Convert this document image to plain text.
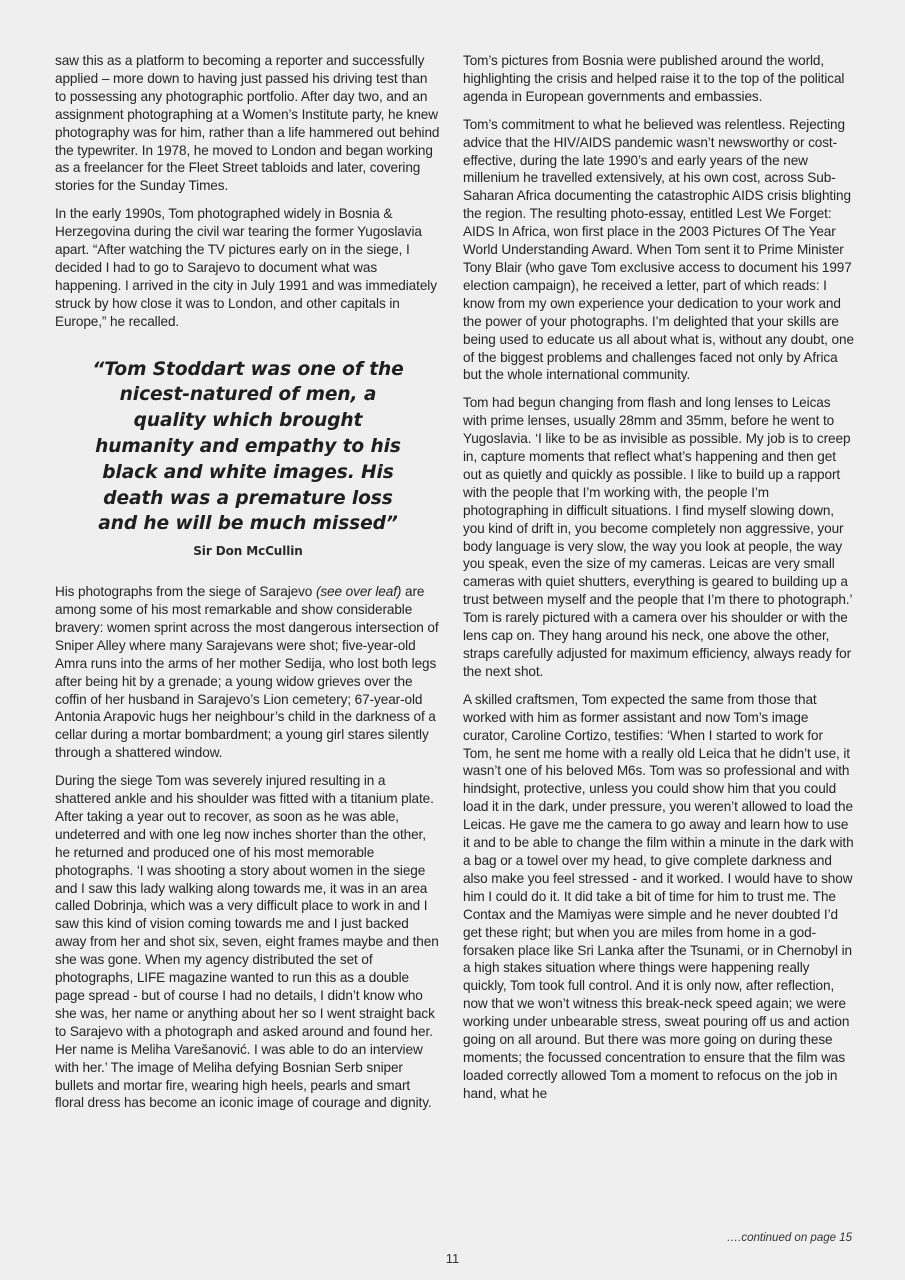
saw this as a platform to becoming a reporter and successfully applied – more down to having just passed his driving test than to possessing any photographic portfolio. After day two, and an assignment photographing at a Women’s Institute party, he knew photography was for him, rather than a life hammered out behind the typewriter. In 1978, he moved to London and began working as a freelancer for the Fleet Street tabloids and later, covering stories for the Sunday Times.

In the early 1990s, Tom photographed widely in Bosnia & Herzegovina during the civil war tearing the former Yugoslavia apart. “After watching the TV pictures early on in the siege, I decided I had to go to Sarajevo to document what was happening. I arrived in the city in July 1991 and was immediately struck by how close it was to London, and other capitals in Europe,” he recalled.

“Tom Stoddart was one of the nicest-natured of men, a quality which brought humanity and empathy to his black and white images. His death was a premature loss and he will be much missed”

Sir Don McCullin

His photographs from the siege of Sarajevo (see over leaf) are among some of his most remarkable and show considerable bravery: women sprint across the most dangerous intersection of Sniper Alley where many Sarajevans were shot; five-year-old Amra runs into the arms of her mother Sedija, who lost both legs after being hit by a grenade; a young widow grieves over the coffin of her husband in Sarajevo’s Lion cemetery; 67-year-old Antonia Arapovic hugs her neighbour’s child in the darkness of a cellar during a mortar bombardment; a young girl stares silently through a shattered window.

During the siege Tom was severely injured resulting in a shattered ankle and his shoulder was fitted with a titanium plate. After taking a year out to recover, as soon as he was able, undeterred and with one leg now inches shorter than the other, he returned and produced one of his most memorable photographs. ‘I was shooting a story about women in the siege and I saw this lady walking along towards me, it was in an area called Dobrinja, which was a very difficult place to work in and I saw this kind of vision coming towards me and I just backed away from her and shot six, seven, eight frames maybe and then she was gone. When my agency distributed the set of photographs, LIFE magazine wanted to run this as a double page spread - but of course I had no details, I didn’t know who she was, her name or anything about her so I went straight back to Sarajevo with a photograph and asked around and found her. Her name is Meliha Varešanović. I was able to do an interview with her.’ The image of Meliha defying Bosnian Serb sniper bullets and mortar fire, wearing high heels, pearls and smart floral dress has become an iconic image of courage and dignity.

Tom’s pictures from Bosnia were published around the world, highlighting the crisis and helped raise it to the top of the political agenda in European governments and embassies.

Tom’s commitment to what he believed was relentless. Rejecting advice that the HIV/AIDS pandemic wasn’t newsworthy or cost-effective, during the late 1990’s and early years of the new millenium he travelled extensively, at his own cost, across Sub-Saharan Africa documenting the catastrophic AIDS crisis blighting the region. The resulting photo-essay, entitled Lest We Forget: AIDS In Africa, won first place in the 2003 Pictures Of The Year World Understanding Award. When Tom sent it to Prime Minister Tony Blair (who gave Tom exclusive access to document his 1997 election campaign), he received a letter, part of which reads: I know from my own experience your dedication to your work and the power of your photographs. I’m delighted that your skills are being used to educate us all about what is, without any doubt, one of the biggest problems and challenges faced not only by Africa but the whole international community.

Tom had begun changing from flash and long lenses to Leicas with prime lenses, usually 28mm and 35mm, before he went to Yugoslavia. ‘I like to be as invisible as possible. My job is to creep in, capture moments that reflect what’s happening and then get out as quietly and quickly as possible. I like to build up a rapport with the people that I’m working with, the people I’m photographing in difficult situations. I find myself slowing down, you kind of drift in, you become completely non aggressive, your body language is very slow, the way you look at people, the way you speak, even the size of my cameras. Leicas are very small cameras with quiet shutters, everything is geared to building up a trust between myself and the people that I’m there to photograph.’ Tom is rarely pictured with a camera over his shoulder or with the lens cap on. They hang around his neck, one above the other, straps carefully adjusted for maximum efficiency, always ready for the next shot.

A skilled craftsmen, Tom expected the same from those that worked with him as former assistant and now Tom’s image curator, Caroline Cortizo, testifies: ‘When I started to work for Tom, he sent me home with a really old Leica that he didn’t use, it wasn’t one of his beloved M6s. Tom was so professional and with hindsight, protective, unless you could show him that you could load it in the dark, under pressure, you weren’t allowed to load the Leicas. He gave me the camera to go away and learn how to use it and to be able to change the film within a minute in the dark with a bag or a towel over my head, to give complete darkness and also make you feel stressed - and it worked. I would have to show him I could do it. It did take a bit of time for him to trust me. The Contax and the Mamiyas were simple and he never doubted I’d get these right; but when you are miles from home in a god-forsaken place like Sri Lanka after the Tsunami, or in Chernobyl in a high stakes situation where things were happening really quickly, Tom took full control. And it is only now, after reflection, now that we won’t witness this break-neck speed again; we were working under unbearable stress, sweat pouring off us and action going on all around. But there was more going on during these moments; the focussed concentration to ensure that the film was loaded correctly allowed Tom a moment to refocus on the job in hand, what he

….continued on page 15
11
